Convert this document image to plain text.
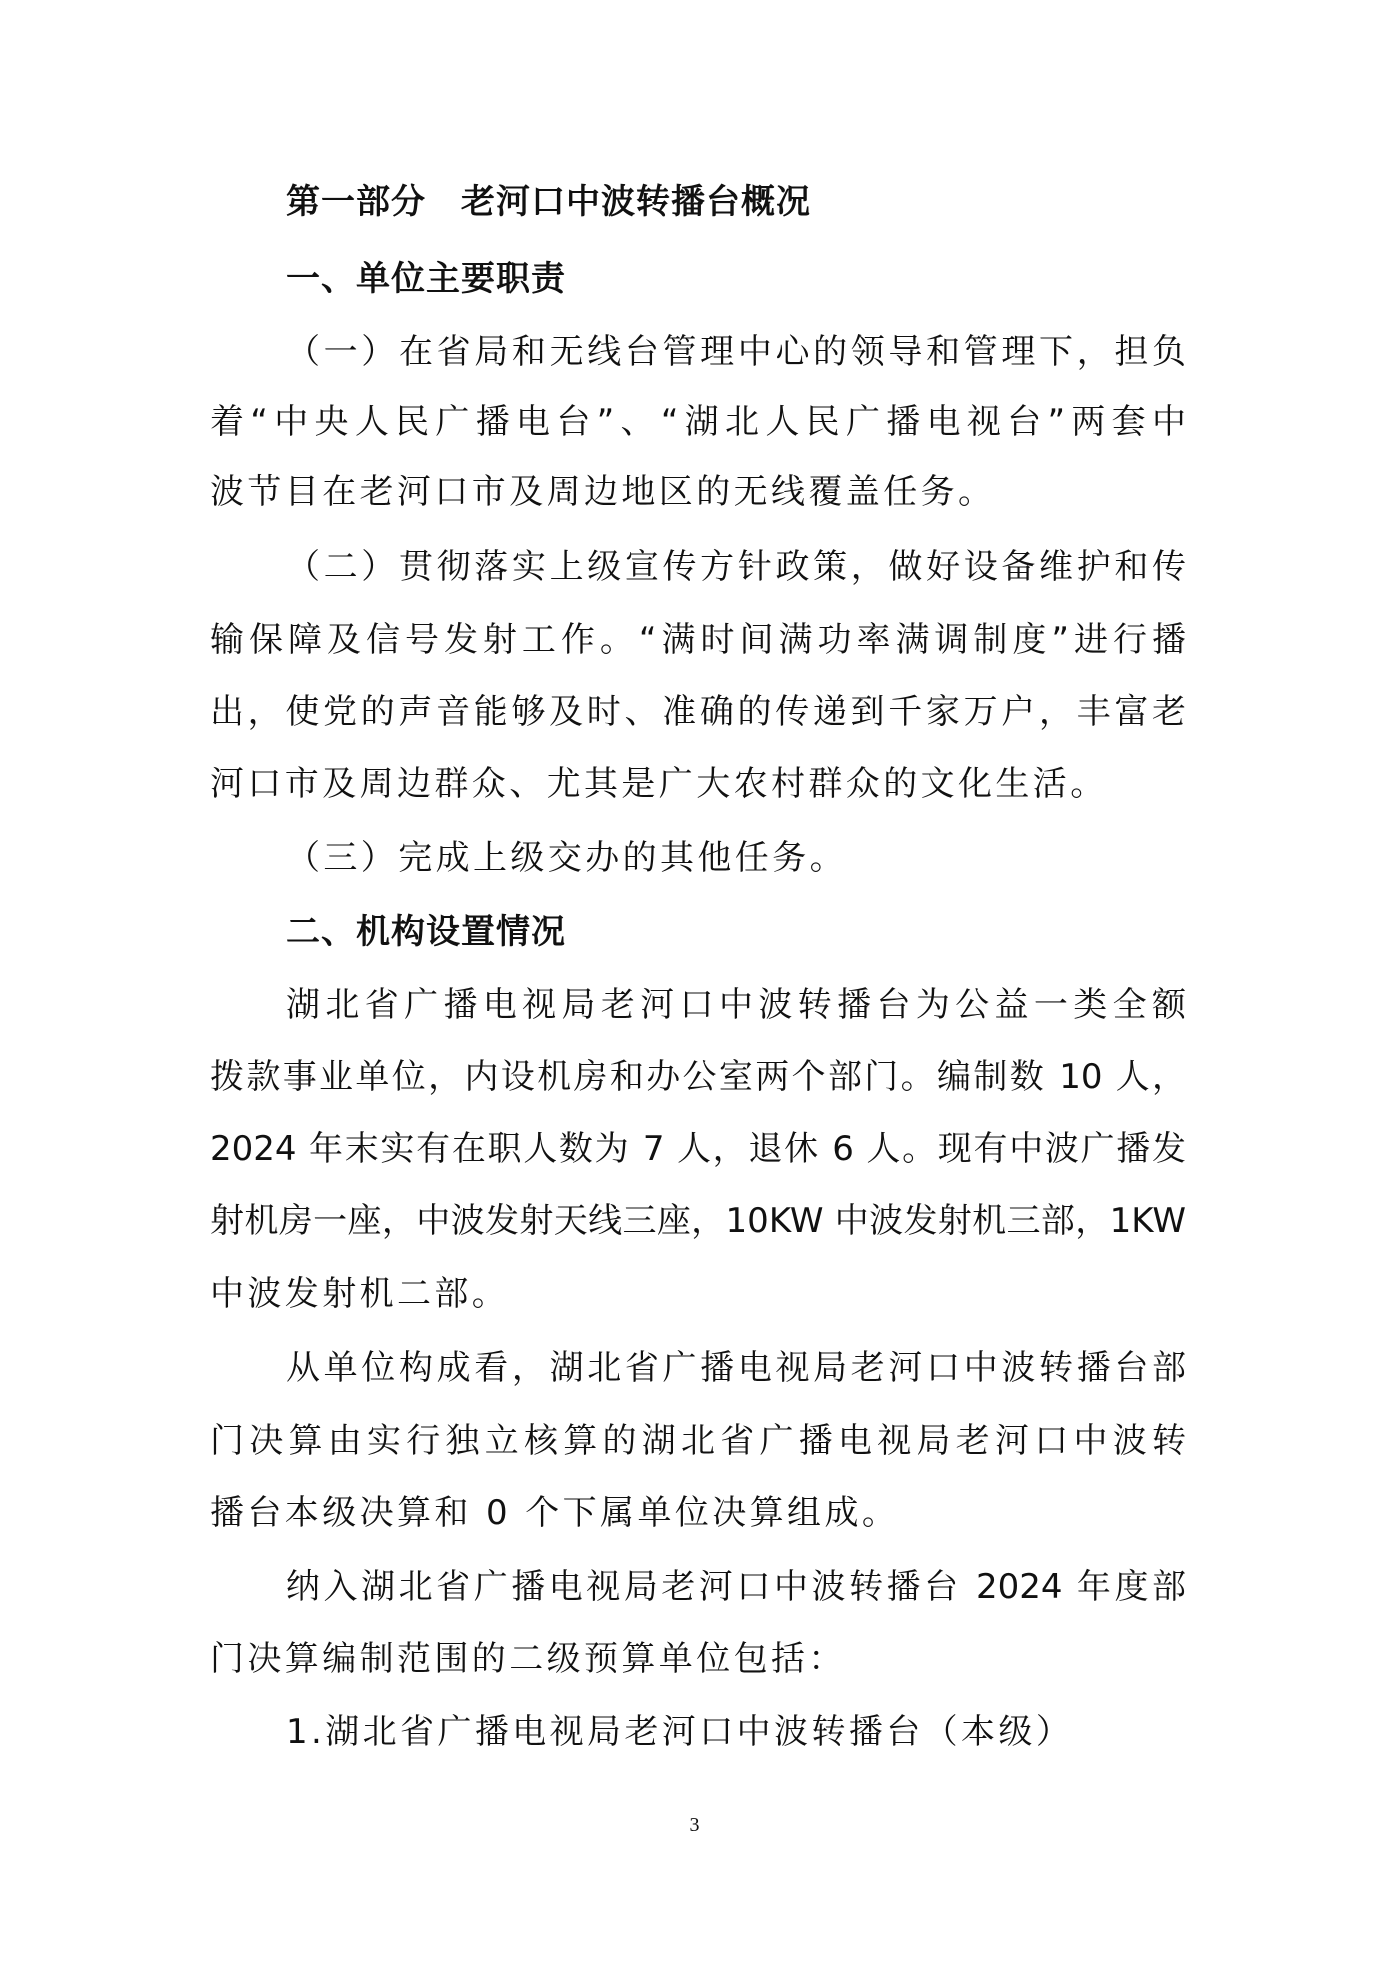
第一部分　老河口中波转播台概况
一、单位主要职责
（一）在省局和无线台管理中心的领导和管理下，担负
着“中央人民广播电台”、“湖北人民广播电视台”两套中
波节目在老河口市及周边地区的无线覆盖任务。
（二）贯彻落实上级宣传方针政策，做好设备维护和传
输保障及信号发射工作。“满时间满功率满调制度”进行播
出，使党的声音能够及时、准确的传递到千家万户，丰富老
河口市及周边群众、尤其是广大农村群众的文化生活。
（三）完成上级交办的其他任务。
二、机构设置情况
湖北省广播电视局老河口中波转播台为公益一类全额
拨款事业单位，内设机房和办公室两个部门。编制数 10 人，
2024 年末实有在职人数为 7 人，退休 6 人。现有中波广播发
射机房一座，中波发射天线三座，10KW 中波发射机三部，1KW
中波发射机二部。
从单位构成看，湖北省广播电视局老河口中波转播台部
门决算由实行独立核算的湖北省广播电视局老河口中波转
播台本级决算和 0 个下属单位决算组成。
纳入湖北省广播电视局老河口中波转播台 2024 年度部
门决算编制范围的二级预算单位包括：
1.湖北省广播电视局老河口中波转播台（本级）
3
